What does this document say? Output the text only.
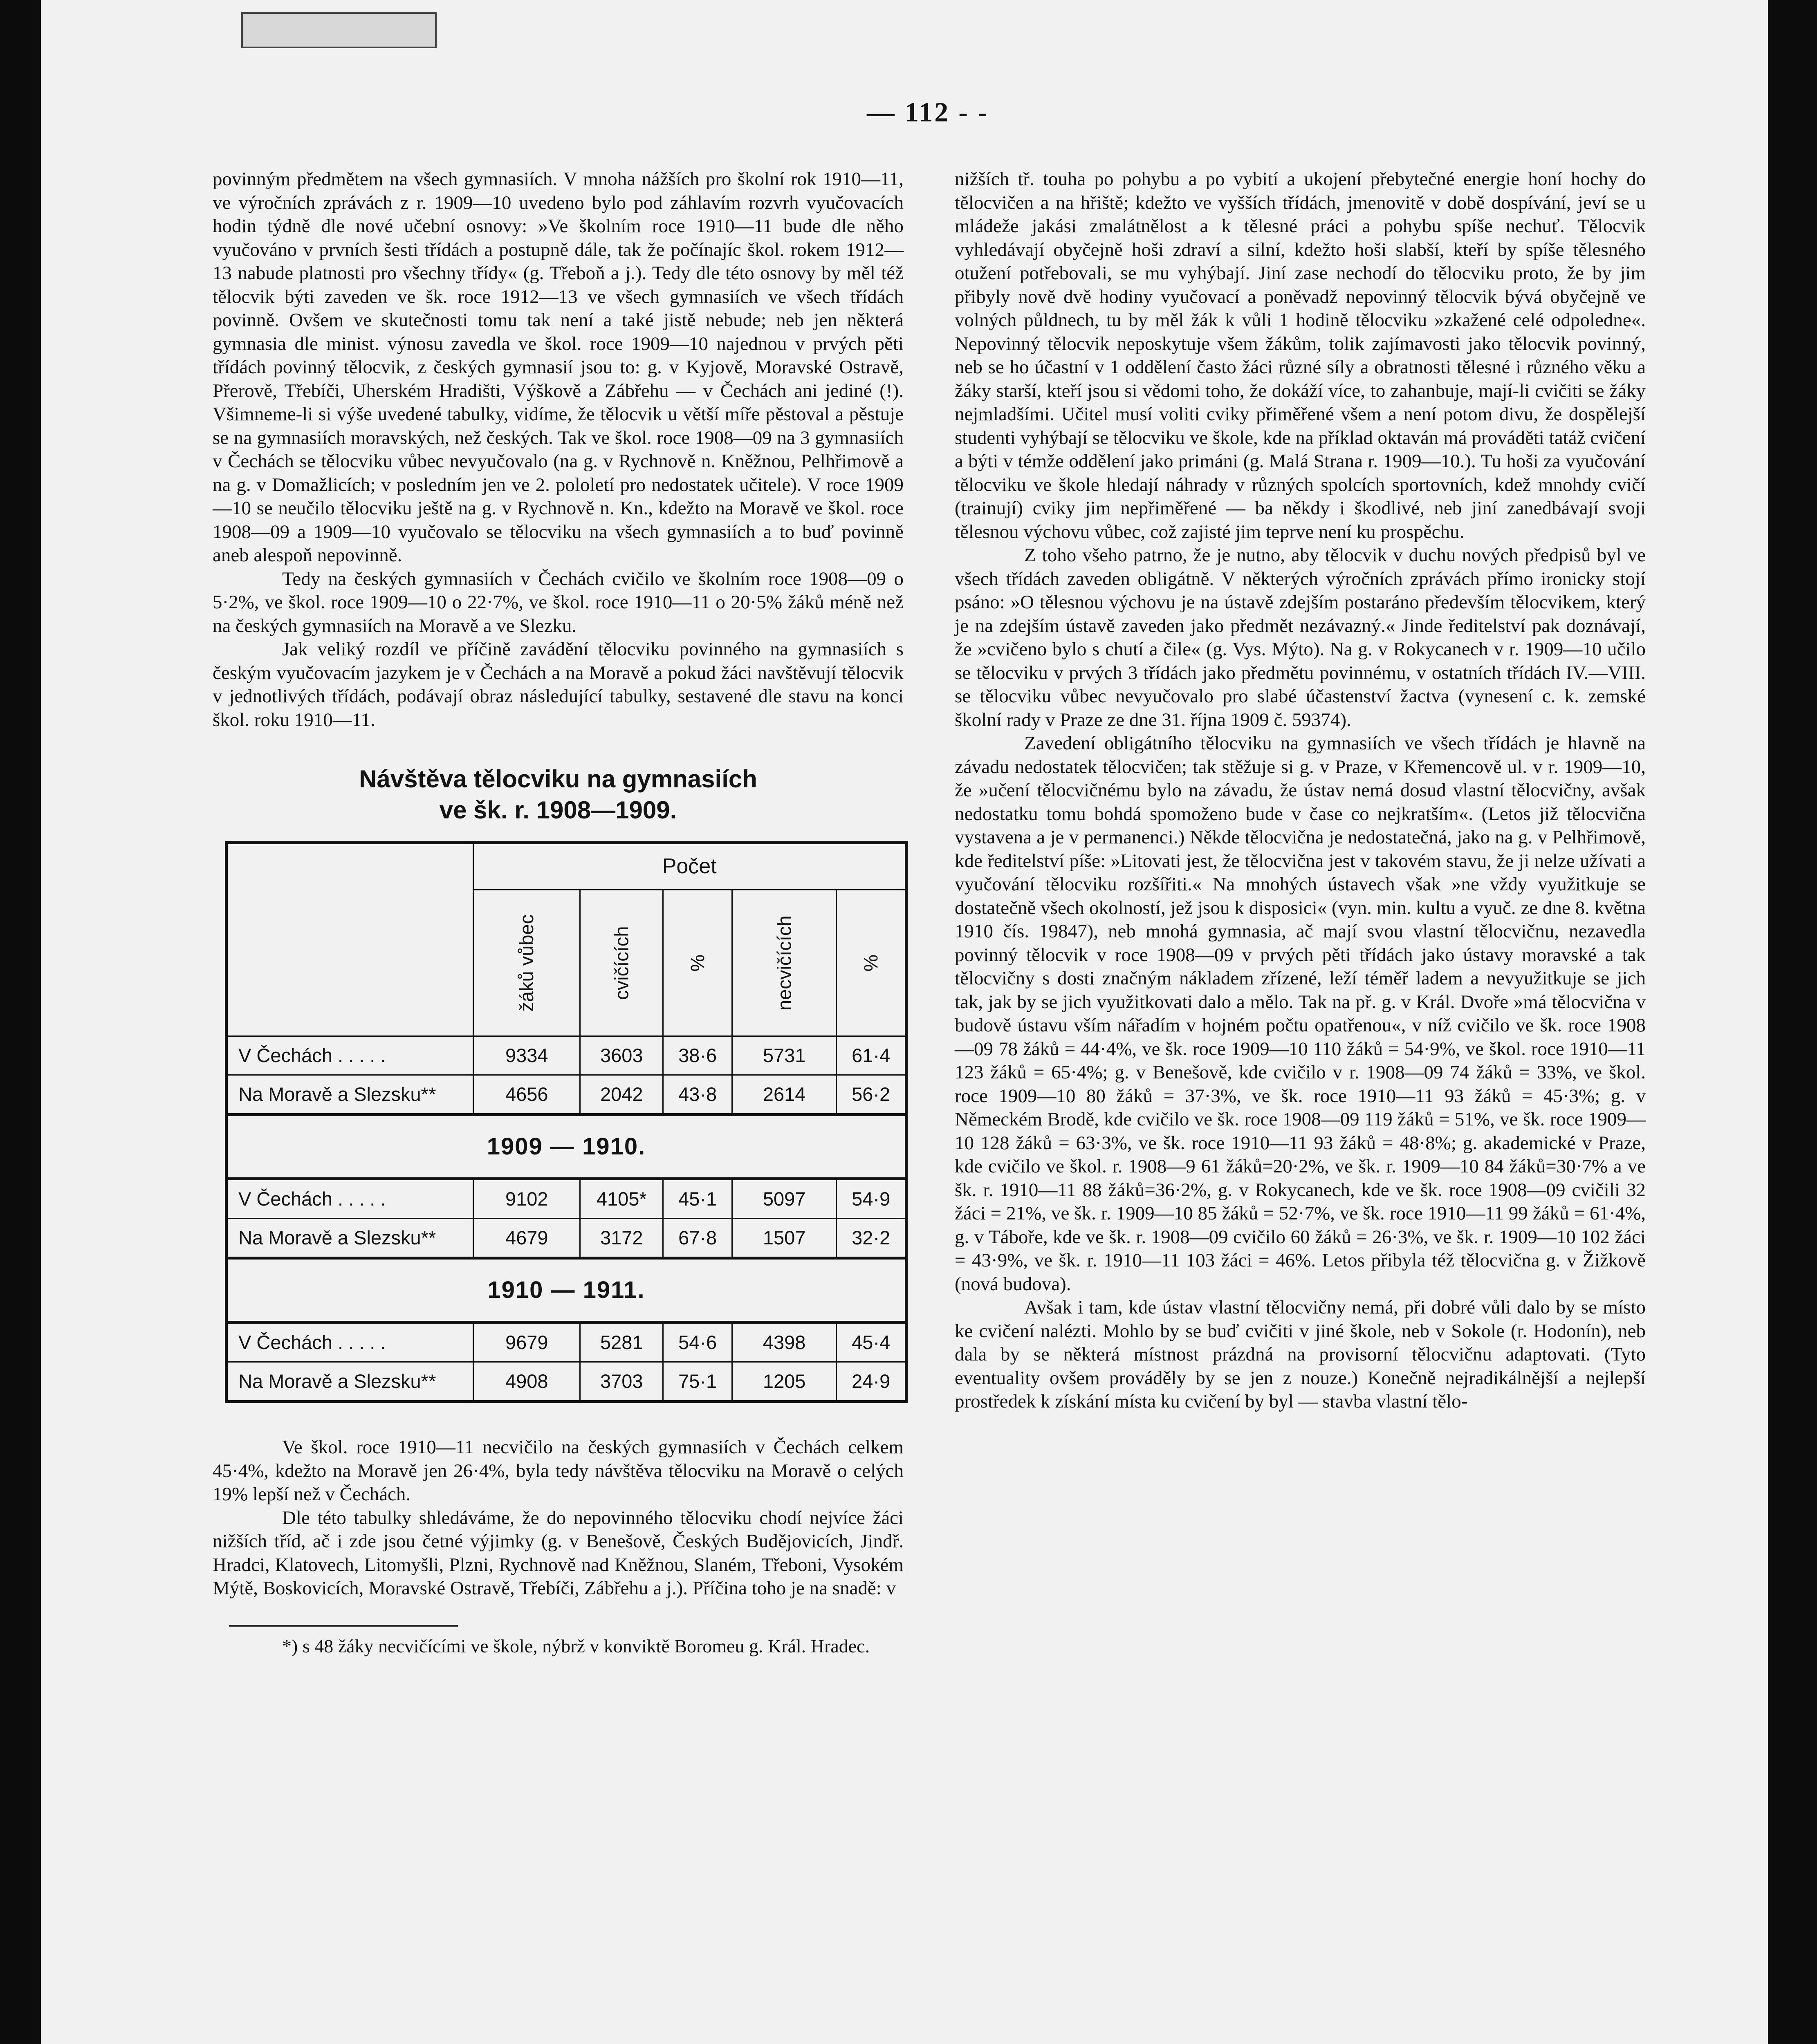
— 112 - -

povinným předmětem na všech gymnasiích. V mnoha nážších pro školní rok 1910—11, ve výročních zprávách z r. 1909—10 uvedeno bylo pod záhlavím rozvrh vyučovacích hodin týdně dle nové učební osnovy: »Ve školním roce 1910—11 bude dle něho vyučováno v prvních šesti třídách a postupně dále, tak že počínajíc škol. rokem 1912—13 nabude platnosti pro všechny třídy« (g. Třeboň a j.). Tedy dle této osnovy by měl též tělocvik býti zaveden ve šk. roce 1912—13 ve všech gymnasiích ve všech třídách povinně. Ovšem ve skutečnosti tomu tak není a také jistě nebude; neb jen některá gymnasia dle minist. výnosu zavedla ve škol. roce 1909—10 najednou v prvých pěti třídách povinný tělocvik, z českých gymnasií jsou to: g. v Kyjově, Moravské Ostravě, Přerově, Třebíči, Uherském Hradišti, Výškově a Zábřehu — v Čechách ani jediné (!). Všimneme-li si výše uvedené tabulky, vidíme, že tělocvik u větší míře pěstoval a pěstuje se na gymnasiích moravských, než českých. Tak ve škol. roce 1908—09 na 3 gymnasiích v Čechách se tělocviku vůbec nevyučovalo (na g. v Rychnově n. Kněžnou, Pelhřimově a na g. v Domažlicích; v posledním jen ve 2. pololetí pro nedostatek učitele). V roce 1909—10 se neučilo tělocviku ještě na g. v Rychnově n. Kn., kdežto na Moravě ve škol. roce 1908—09 a 1909—10 vyučovalo se tělocviku na všech gymnasiích a to buď povinně aneb alespoň nepovinně.

Tedy na českých gymnasiích v Čechách cvičilo ve školním roce 1908—09 o 5·2%, ve škol. roce 1909—10 o 22·7%, ve škol. roce 1910—11 o 20·5% žáků méně než na českých gymnasiích na Moravě a ve Slezku.

Jak veliký rozdíl ve příčině zavádění tělocviku povinného na gymnasiích s českým vyučovacím jazykem je v Čechách a na Moravě a pokud žáci navštěvují tělocvik v jednotlivých třídách, podávají obraz následující tabulky, sestavené dle stavu na konci škol. roku 1910—11.

Návštěva tělocviku na gymnasiích
ve šk. r. 1908—1909.
	Počet				
	žáků vůbec	cvičících	%	necvičících	%
V Čechách . . . . .	9334	3603	38·6	5731	61·4
Na Moravě a Slezsku**	4656	2042	43·8	2614	56·2
1909 — 1910.					
V Čechách . . . . .	9102	4105*	45·1	5097	54·9
Na Moravě a Slezsku**	4679	3172	67·8	1507	32·2
1910 — 1911.					
V Čechách . . . . .	9679	5281	54·6	4398	45·4
Na Moravě a Slezsku**	4908	3703	75·1	1205	24·9

Ve škol. roce 1910—11 necvičilo na českých gymnasiích v Čechách celkem 45·4%, kdežto na Moravě jen 26·4%, byla tedy návštěva tělocviku na Moravě o celých 19% lepší než v Čechách.

Dle této tabulky shledáváme, že do nepovinného tělocviku chodí nejvíce žáci nižších tříd, ač i zde jsou četné výjimky (g. v Benešově, Českých Budějovicích, Jindř. Hradci, Klatovech, Litomyšli, Plzni, Rychnově nad Kněžnou, Slaném, Třeboni, Vysokém Mýtě, Boskovicích, Moravské Ostravě, Třebíči, Zábřehu a j.). Příčina toho je na snadě: v

*) s 48 žáky necvičícími ve škole, nýbrž v konviktě Boromeu g. Král. Hradec.

nižších tř. touha po pohybu a po vybití a ukojení přebytečné energie honí hochy do tělocvičen a na hřiště; kdežto ve vyšších třídách, jmenovitě v době dospívání, jeví se u mládeže jakási zmalátnělost a k tělesné práci a pohybu spíše nechuť. Tělocvik vyhledávají obyčejně hoši zdraví a silní, kdežto hoši slabší, kteří by spíše tělesného otužení potřebovali, se mu vyhýbají. Jiní zase nechodí do tělocviku proto, že by jim přibyly nově dvě hodiny vyučovací a poněvadž nepovinný tělocvik bývá obyčejně ve volných půldnech, tu by měl žák k vůli 1 hodině tělocviku »zkažené celé odpoledne«. Nepovinný tělocvik neposkytuje všem žákům, tolik zajímavosti jako tělocvik povinný, neb se ho účastní v 1 oddělení často žáci různé síly a obratnosti tělesné i různého věku a žáky starší, kteří jsou si vědomi toho, že dokáží více, to zahanbuje, mají-li cvičiti se žáky nejmladšími. Učitel musí voliti cviky přiměřené všem a není potom divu, že dospělejší studenti vyhýbají se tělocviku ve škole, kde na příklad oktaván má prováděti tatáž cvičení a býti v témže oddělení jako primáni (g. Malá Strana r. 1909—10.). Tu hoši za vyučování tělocviku ve škole hledají náhrady v různých spolcích sportovních, kdež mnohdy cvičí (trainují) cviky jim nepřiměřené — ba někdy i škodlivé, neb jiní zanedbávají svoji tělesnou výchovu vůbec, což zajisté jim teprve není ku prospěchu.

Z toho všeho patrno, že je nutno, aby tělocvik v duchu nových předpisů byl ve všech třídách zaveden obligátně. V některých výročních zprávách přímo ironicky stojí psáno: »O tělesnou výchovu je na ústavě zdejším postaráno především tělocvikem, který je na zdejším ústavě zaveden jako předmět nezávazný.« Jinde ředitelství pak doznávají, že »cvičeno bylo s chutí a čile« (g. Vys. Mýto). Na g. v Rokycanech v r. 1909—10 učilo se tělocviku v prvých 3 třídách jako předmětu povinnému, v ostatních třídách IV.—VIII. se tělocviku vůbec nevyučovalo pro slabé účastenství žactva (vynesení c. k. zemské školní rady v Praze ze dne 31. října 1909 č. 59374).

Zavedení obligátního tělocviku na gymnasiích ve všech třídách je hlavně na závadu nedostatek tělocvičen; tak stěžuje si g. v Praze, v Křemencově ul. v r. 1909—10, že »učení tělocvičnému bylo na závadu, že ústav nemá dosud vlastní tělocvičny, avšak nedostatku tomu bohdá spomoženo bude v čase co nejkratším«. (Letos již tělocvična vystavena a je v permanenci.) Někde tělocvična je nedostatečná, jako na g. v Pelhřimově, kde ředitelství píše: »Litovati jest, že tělocvična jest v takovém stavu, že ji nelze užívati a vyučování tělocviku rozšířiti.« Na mnohých ústavech však »ne vždy využitkuje se dostatečně všech okolností, jež jsou k disposici« (vyn. min. kultu a vyuč. ze dne 8. května 1910 čís. 19847), neb mnohá gymnasia, ač mají svou vlastní tělocvičnu, nezavedla povinný tělocvik v roce 1908—09 v prvých pěti třídách jako ústavy moravské a tak tělocvičny s dosti značným nákladem zřízené, leží téměř ladem a nevyužitkuje se jich tak, jak by se jich využitkovati dalo a mělo. Tak na př. g. v Král. Dvoře »má tělocvična v budově ústavu vším nářadím v hojném počtu opatřenou«, v níž cvičilo ve šk. roce 1908—09 78 žáků = 44·4%, ve šk. roce 1909—10 110 žáků = 54·9%, ve škol. roce 1910—11 123 žáků = 65·4%; g. v Benešově, kde cvičilo v r. 1908—09 74 žáků = 33%, ve škol. roce 1909—10 80 žáků = 37·3%, ve šk. roce 1910—11 93 žáků = 45·3%; g. v Německém Brodě, kde cvičilo ve šk. roce 1908—09 119 žáků = 51%, ve šk. roce 1909—10 128 žáků = 63·3%, ve šk. roce 1910—11 93 žáků = 48·8%; g. akademické v Praze, kde cvičilo ve škol. r. 1908—9 61 žáků=20·2%, ve šk. r. 1909—10 84 žáků=30·7% a ve šk. r. 1910—11 88 žáků=36·2%, g. v Rokycanech, kde ve šk. roce 1908—09 cvičili 32 žáci = 21%, ve šk. r. 1909—10 85 žáků = 52·7%, ve šk. roce 1910—11 99 žáků = 61·4%, g. v Táboře, kde ve šk. r. 1908—09 cvičilo 60 žáků = 26·3%, ve šk. r. 1909—10 102 žáci = 43·9%, ve šk. r. 1910—11 103 žáci = 46%. Letos přibyla též tělocvična g. v Žižkově (nová budova).

Avšak i tam, kde ústav vlastní tělocvičny nemá, při dobré vůli dalo by se místo ke cvičení nalézti. Mohlo by se buď cvičiti v jiné škole, neb v Sokole (r. Hodonín), neb dala by se některá místnost prázdná na provisorní tělocvičnu adaptovati. (Tyto eventuality ovšem prováděly by se jen z nouze.) Konečně nejradikálnější a nejlepší prostředek k získání místa ku cvičení by byl — stavba vlastní tělo-
